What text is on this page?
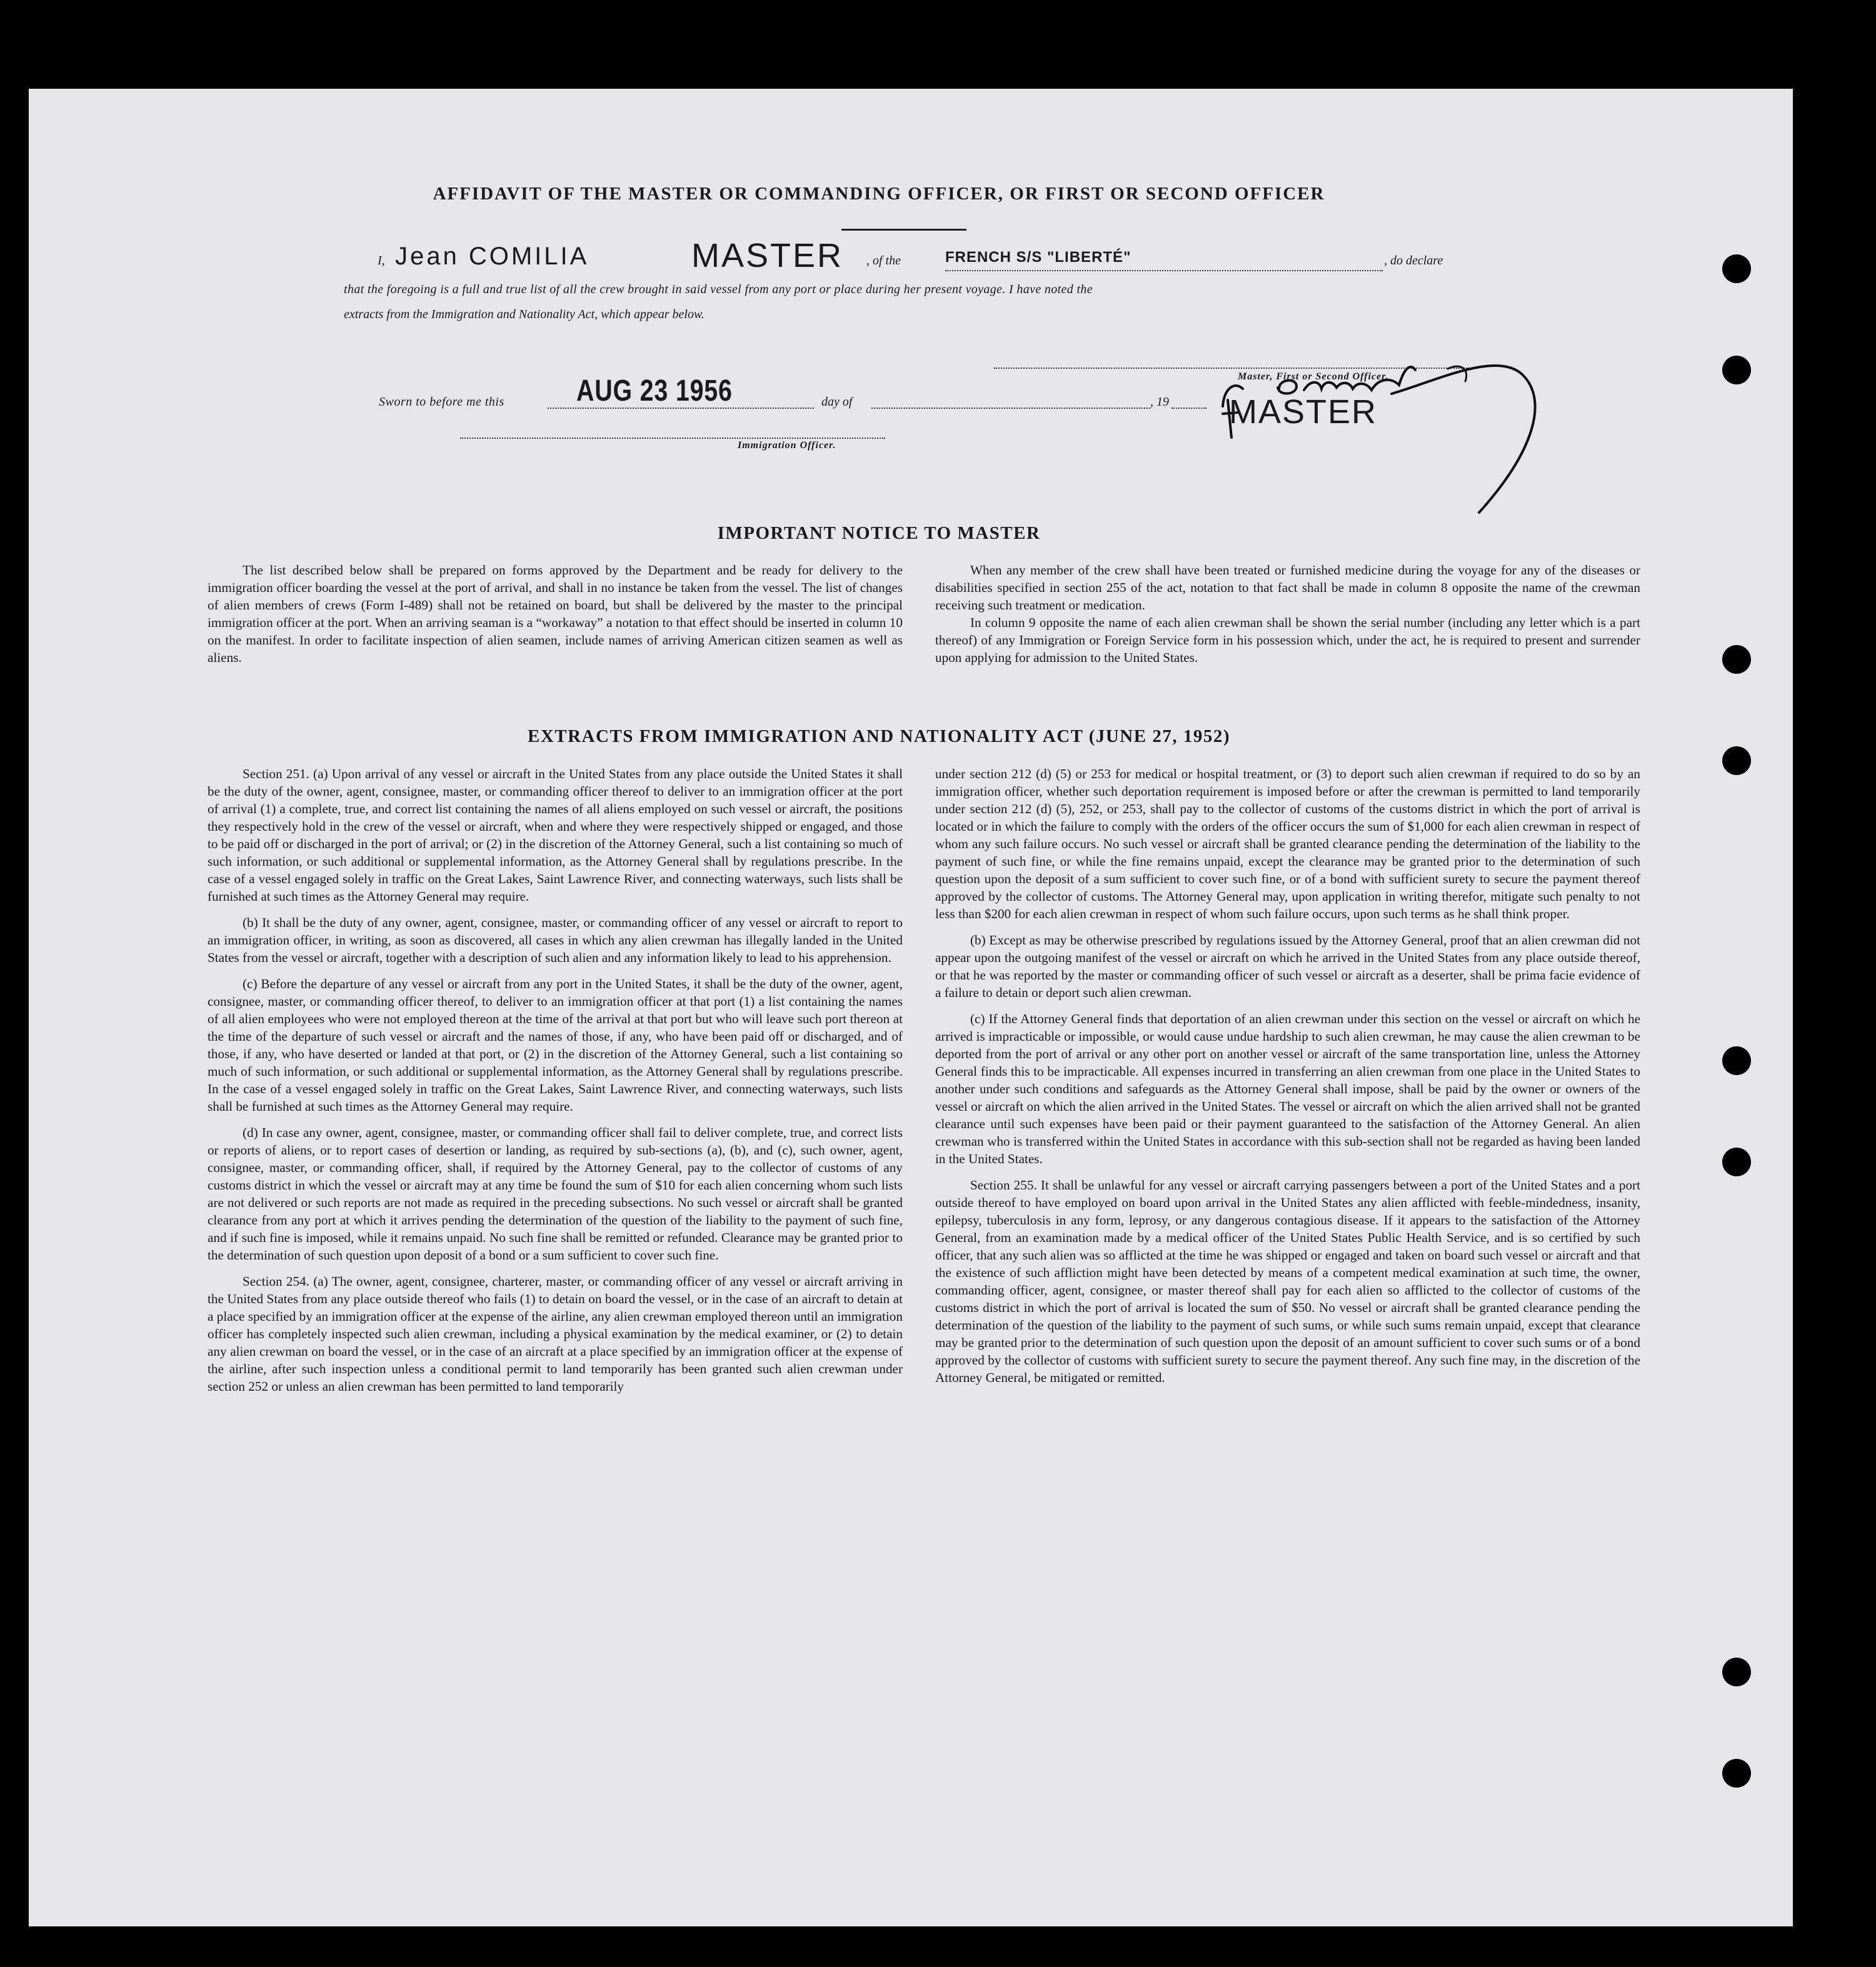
AFFIDAVIT OF THE MASTER OR COMMANDING OFFICER, OR FIRST OR SECOND OFFICER
I, Jean COMILIA	MASTER , of the	FRENCH S/S "LIBERTÉ"	, do declare
that the foregoing is a full and true list of all the crew brought in said vessel from any port or place during her present voyage. I have noted the
extracts from the Immigration and Nationality Act, which appear below.
Master, First or Second Officer.
MASTER
Sworn to before me this AUG 23 1956	day of	, 19
Immigration Officer.
IMPORTANT NOTICE TO MASTER

The list described below shall be prepared on forms approved by the Department and be ready for delivery to the immigration officer boarding the vessel at the port of arrival, and shall in no instance be taken from the vessel. The list of changes of alien members of crews (Form I-489) shall not be retained on board, but shall be delivered by the master to the principal immigration officer at the port. When an arriving seaman is a “workaway” a notation to that effect should be inserted in column 10 on the manifest. In order to facilitate inspection of alien seamen, include names of arriving American citizen seamen as well as aliens.

When any member of the crew shall have been treated or furnished medicine during the voyage for any of the diseases or disabilities specified in section 255 of the act, notation to that fact shall be made in column 8 opposite the name of the crewman receiving such treatment or medication.

In column 9 opposite the name of each alien crewman shall be shown the serial number (including any letter which is a part thereof) of any Immigration or Foreign Service form in his possession which, under the act, he is required to present and surrender upon applying for admission to the United States.

EXTRACTS FROM IMMIGRATION AND NATIONALITY ACT (JUNE 27, 1952)

Section 251. (a) Upon arrival of any vessel or aircraft in the United States from any place outside the United States it shall be the duty of the owner, agent, consignee, master, or commanding officer thereof to deliver to an immigration officer at the port of arrival (1) a complete, true, and correct list containing the names of all aliens employed on such vessel or aircraft, the positions they respectively hold in the crew of the vessel or aircraft, when and where they were respectively shipped or engaged, and those to be paid off or discharged in the port of arrival; or (2) in the discretion of the Attorney General, such a list containing so much of such information, or such additional or supplemental information, as the Attorney General shall by regulations prescribe. In the case of a vessel engaged solely in traffic on the Great Lakes, Saint Lawrence River, and connecting waterways, such lists shall be furnished at such times as the Attorney General may require.

(b) It shall be the duty of any owner, agent, consignee, master, or commanding officer of any vessel or aircraft to report to an immigration officer, in writing, as soon as discovered, all cases in which any alien crewman has illegally landed in the United States from the vessel or aircraft, together with a description of such alien and any information likely to lead to his apprehension.

(c) Before the departure of any vessel or aircraft from any port in the United States, it shall be the duty of the owner, agent, consignee, master, or commanding officer thereof, to deliver to an immigration officer at that port (1) a list containing the names of all alien employees who were not employed thereon at the time of the arrival at that port but who will leave such port thereon at the time of the departure of such vessel or aircraft and the names of those, if any, who have been paid off or discharged, and of those, if any, who have deserted or landed at that port, or (2) in the discretion of the Attorney General, such a list containing so much of such information, or such additional or supplemental information, as the Attorney General shall by regulations prescribe. In the case of a vessel engaged solely in traffic on the Great Lakes, Saint Lawrence River, and connecting waterways, such lists shall be furnished at such times as the Attorney General may require.

(d) In case any owner, agent, consignee, master, or commanding officer shall fail to deliver complete, true, and correct lists or reports of aliens, or to report cases of desertion or landing, as required by sub-sections (a), (b), and (c), such owner, agent, consignee, master, or commanding officer, shall, if required by the Attorney General, pay to the collector of customs of any customs district in which the vessel or aircraft may at any time be found the sum of $10 for each alien concerning whom such lists are not delivered or such reports are not made as required in the preceding subsections. No such vessel or aircraft shall be granted clearance from any port at which it arrives pending the determination of the question of the liability to the payment of such fine, and if such fine is imposed, while it remains unpaid. No such fine shall be remitted or refunded. Clearance may be granted prior to the determination of such question upon deposit of a bond or a sum sufficient to cover such fine.

Section 254. (a) The owner, agent, consignee, charterer, master, or commanding officer of any vessel or aircraft arriving in the United States from any place outside thereof who fails (1) to detain on board the vessel, or in the case of an aircraft to detain at a place specified by an immigration officer at the expense of the airline, any alien crewman employed thereon until an immigration officer has completely inspected such alien crewman, including a physical examination by the medical examiner, or (2) to detain any alien crewman on board the vessel, or in the case of an aircraft at a place specified by an immigration officer at the expense of the airline, after such inspection unless a conditional permit to land temporarily has been granted such alien crewman under section 252 or unless an alien crewman has been permitted to land temporarily

under section 212 (d) (5) or 253 for medical or hospital treatment, or (3) to deport such alien crewman if required to do so by an immigration officer, whether such deportation requirement is imposed before or after the crewman is permitted to land temporarily under section 212 (d) (5), 252, or 253, shall pay to the collector of customs of the customs district in which the port of arrival is located or in which the failure to comply with the orders of the officer occurs the sum of $1,000 for each alien crewman in respect of whom any such failure occurs. No such vessel or aircraft shall be granted clearance pending the determination of the liability to the payment of such fine, or while the fine remains unpaid, except the clearance may be granted prior to the determination of such question upon the deposit of a sum sufficient to cover such fine, or of a bond with sufficient surety to secure the payment thereof approved by the collector of customs. The Attorney General may, upon application in writing therefor, mitigate such penalty to not less than $200 for each alien crewman in respect of whom such failure occurs, upon such terms as he shall think proper.

(b) Except as may be otherwise prescribed by regulations issued by the Attorney General, proof that an alien crewman did not appear upon the outgoing manifest of the vessel or aircraft on which he arrived in the United States from any place outside thereof, or that he was reported by the master or commanding officer of such vessel or aircraft as a deserter, shall be prima facie evidence of a failure to detain or deport such alien crewman.

(c) If the Attorney General finds that deportation of an alien crewman under this section on the vessel or aircraft on which he arrived is impracticable or impossible, or would cause undue hardship to such alien crewman, he may cause the alien crewman to be deported from the port of arrival or any other port on another vessel or aircraft of the same transportation line, unless the Attorney General finds this to be impracticable. All expenses incurred in transferring an alien crewman from one place in the United States to another under such conditions and safeguards as the Attorney General shall impose, shall be paid by the owner or owners of the vessel or aircraft on which the alien arrived in the United States. The vessel or aircraft on which the alien arrived shall not be granted clearance until such expenses have been paid or their payment guaranteed to the satisfaction of the Attorney General. An alien crewman who is transferred within the United States in accordance with this sub-section shall not be regarded as having been landed in the United States.

Section 255. It shall be unlawful for any vessel or aircraft carrying passengers between a port of the United States and a port outside thereof to have employed on board upon arrival in the United States any alien afflicted with feeble-mindedness, insanity, epilepsy, tuberculosis in any form, leprosy, or any dangerous contagious disease. If it appears to the satisfaction of the Attorney General, from an examination made by a medical officer of the United States Public Health Service, and is so certified by such officer, that any such alien was so afflicted at the time he was shipped or engaged and taken on board such vessel or aircraft and that the existence of such affliction might have been detected by means of a competent medical examination at such time, the owner, commanding officer, agent, consignee, or master thereof shall pay for each alien so afflicted to the collector of customs of the customs district in which the port of arrival is located the sum of $50. No vessel or aircraft shall be granted clearance pending the determination of the question of the liability to the payment of such sums, or while such sums remain unpaid, except that clearance may be granted prior to the determination of such question upon the deposit of an amount sufficient to cover such sums or of a bond approved by the collector of customs with sufficient surety to secure the payment thereof. Any such fine may, in the discretion of the Attorney General, be mitigated or remitted.
